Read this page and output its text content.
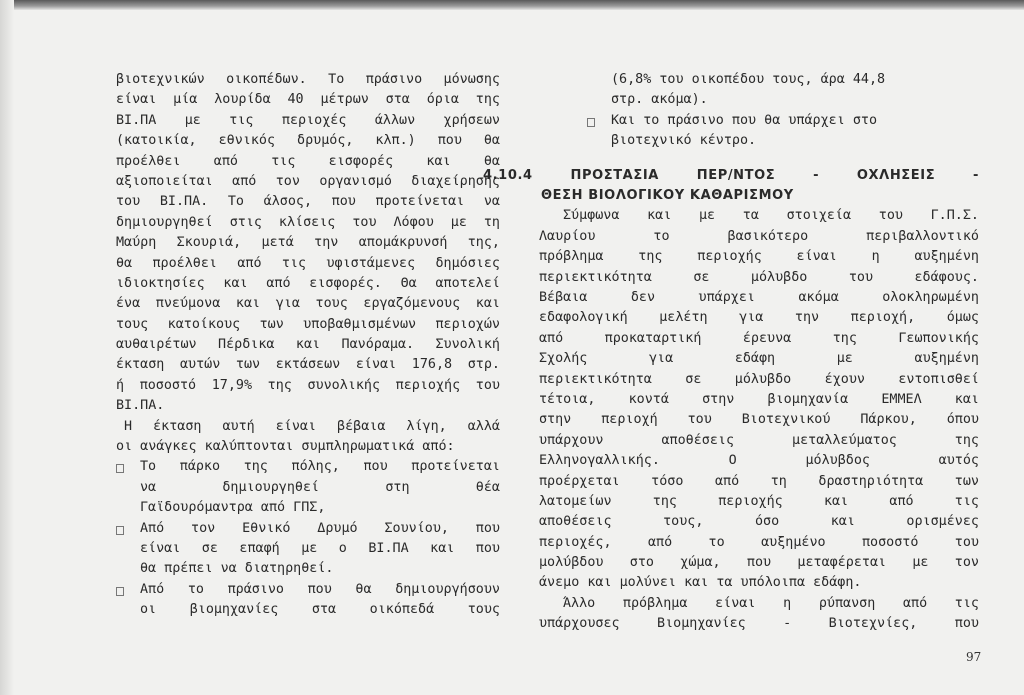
βιοτεχνικών οικοπέδων. Το πράσινο μόνωσης
είναι μία λουρίδα 40 μέτρων στα όρια της
ΒΙ.ΠΑ με τις περιοχές άλλων χρήσεων
(κατοικία, εθνικός δρυμός, κλπ.) που θα
προέλθει από τις εισφορές και θα
αξιοποιείται από τον οργανισμό διαχείρησης
του ΒΙ.ΠΑ. Το άλσος, που προτείνεται να
δημιουργηθεί στις κλίσεις του Λόφου με τη
Μαύρη Σκουριά, μετά την απομάκρυνσή της,
θα προέλθει από τις υφιστάμενες δημόσιες
ιδιοκτησίες και από εισφορές. Θα αποτελεί
ένα πνεύμονα και για τους εργαζόμενους και
τους κατοίκους των υποβαθμισμένων περιοχών
αυθαιρέτων Πέρδικα και Πανόραμα. Συνολική
έκταση αυτών των εκτάσεων είναι 176,8 στρ.
ή ποσοστό 17,9% της συνολικής περιοχής του
ΒΙ.ΠΑ.
Η έκταση αυτή είναι βέβαια λίγη, αλλά
οι ανάγκες καλύπτονται συμπληρωματικά από:
Το πάρκο της πόλης, που προτείνεται
να δημιουργηθεί στη θέα
Γαϊδουρόμαντρα από ΓΠΣ,
Από τον Εθνικό Δρυμό Σουνίου, που
είναι σε επαφή με ο ΒΙ.ΠΑ και που
θα πρέπει να διατηρηθεί.
Από το πράσινο που θα δημιουργήσουν
οι βιομηχανίες στα οικόπεδά τους
(6,8% του οικοπέδου τους, άρα 44,8
στρ. ακόμα).
Και το πράσινο που θα υπάρχει στο
βιοτεχνικό κέντρο.
4.10.4 ΠΡΟΣΤΑΣΙΑ ΠΕΡ/ΝΤΟΣ - ΟΧΛΗΣΕΙΣ -
ΘΕΣΗ ΒΙΟΛΟΓΙΚΟΥ ΚΑΘΑΡΙΣΜΟΥ
Σύμφωνα και με τα στοιχεία του Γ.Π.Σ.
Λαυρίου το βασικότερο περιβαλλοντικό
πρόβλημα της περιοχής είναι η αυξημένη
περιεκτικότητα σε μόλυβδο του εδάφους.
Βέβαια δεν υπάρχει ακόμα ολοκληρωμένη
εδαφολογική μελέτη για την περιοχή, όμως
από προκαταρτική έρευνα της Γεωπονικής
Σχολής για εδάφη με αυξημένη
περιεκτικότητα σε μόλυβδο έχουν εντοπισθεί
τέτοια, κοντά στην βιομηχανία ΕΜΜΕΛ και
στην περιοχή του Βιοτεχνικού Πάρκου, όπου
υπάρχουν αποθέσεις μεταλλεύματος της
Ελληνογαλλικής. Ο μόλυβδος αυτός
προέρχεται τόσο από τη δραστηριότητα των
λατομείων της περιοχής και από τις
αποθέσεις τους, όσο και ορισμένες
περιοχές, από το αυξημένο ποσοστό του
μολύβδου στο χώμα, που μεταφέρεται με τον
άνεμο και μολύνει και τα υπόλοιπα εδάφη.
Άλλο πρόβλημα είναι η ρύπανση από τις
υπάρχουσες Βιομηχανίες - Βιοτεχνίες, που
97
